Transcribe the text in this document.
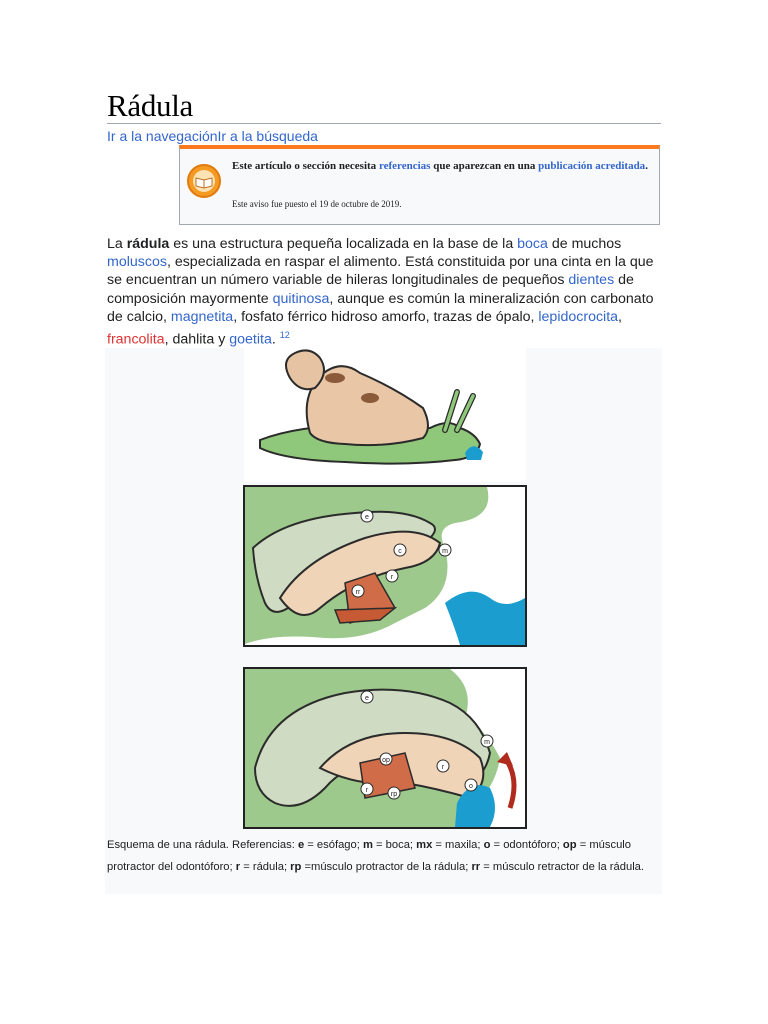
Rádula
Ir a la navegaciónIr a la búsqueda
Este artículo o sección necesita referencias que aparezcan en una publicación acreditada.
Este aviso fue puesto el 19 de octubre de 2019.

La rádula es una estructura pequeña localizada en la base de la boca de muchos moluscos, especializada en raspar el alimento. Está constituida por una cinta en la que se encuentran un número variable de hileras longitudinales de pequeños dientes de composición mayormente quitinosa, aunque es común la mineralización con carbonato de calcio, magnetita, fosfato férrico hidroso amorfo, trazas de ópalo, lepidocrocita, francolita, dahlita y goetita. $^{12}$

e
c
r
rr
m
e
m
r
o
op
r
rp
Esquema de una rádula. Referencias: e = esófago; m = boca; mx = maxila; o = odontóforo; op = músculo protractor del odontóforo; r = rádula; rp =músculo protractor de la rádula; rr = músculo retractor de la rádula.
